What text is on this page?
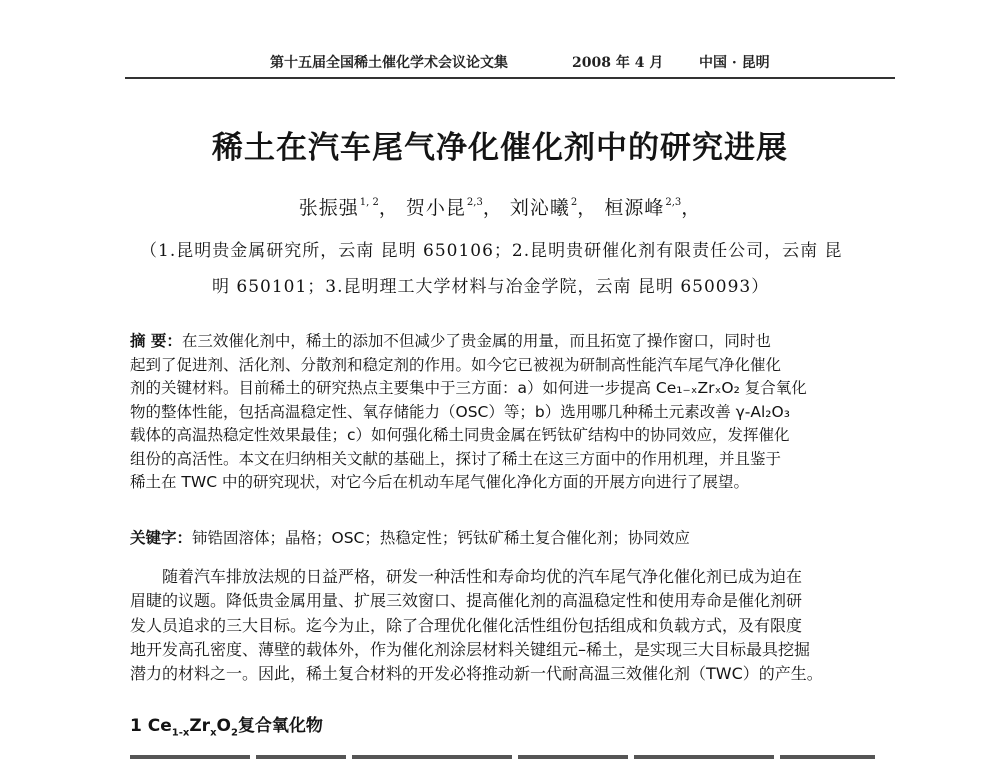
第十五届全国稀土催化学术会议论文集	2008 年 4 月	中国 · 昆明
稀土在汽车尾气净化催化剂中的研究进展
张振强$^{1, 2}$， 贺小昆$^{2,3}$， 刘沁曦$^2$， 桓源峰$^{2,3}$，
（1.昆明贵金属研究所，云南 昆明 650106；2.昆明贵研催化剂有限责任公司，云南 昆
明 650101；3.昆明理工大学材料与冶金学院，云南 昆明 650093）
摘 要：在三效催化剂中，稀土的添加不但减少了贵金属的用量，而且拓宽了操作窗口，同时也
起到了促进剂、活化剂、分散剂和稳定剂的作用。如今它已被视为研制高性能汽车尾气净化催化
剂的关键材料。目前稀土的研究热点主要集中于三方面：a）如何进一步提高 Ce₁₋ₓZrₓO₂ 复合氧化
物的整体性能，包括高温稳定性、氧存储能力（OSC）等；b）选用哪几种稀土元素改善 γ-Al₂O₃
载体的高温热稳定性效果最佳；c）如何强化稀土同贵金属在钙钛矿结构中的协同效应，发挥催化
组份的高活性。本文在归纳相关文献的基础上，探讨了稀土在这三方面中的作用机理，并且鉴于
稀土在 TWC 中的研究现状，对它今后在机动车尾气催化净化方面的开展方向进行了展望。
关键字：铈锆固溶体；晶格；OSC；热稳定性；钙钛矿稀土复合催化剂；协同效应
随着汽车排放法规的日益严格，研发一种活性和寿命均优的汽车尾气净化催化剂已成为迫在
眉睫的议题。降低贵金属用量、扩展三效窗口、提高催化剂的高温稳定性和使用寿命是催化剂研
发人员追求的三大目标。迄今为止，除了合理优化催化活性组份包括组成和负载方式，及有限度
地开发高孔密度、薄壁的载体外，作为催化剂涂层材料关键组元–稀土，是实现三大目标最具挖掘
潜力的材料之一。因此，稀土复合材料的开发必将推动新一代耐高温三效催化剂（TWC）的产生。
1 $Ce_{1-x}Zr_xO_2$复合氧化物
